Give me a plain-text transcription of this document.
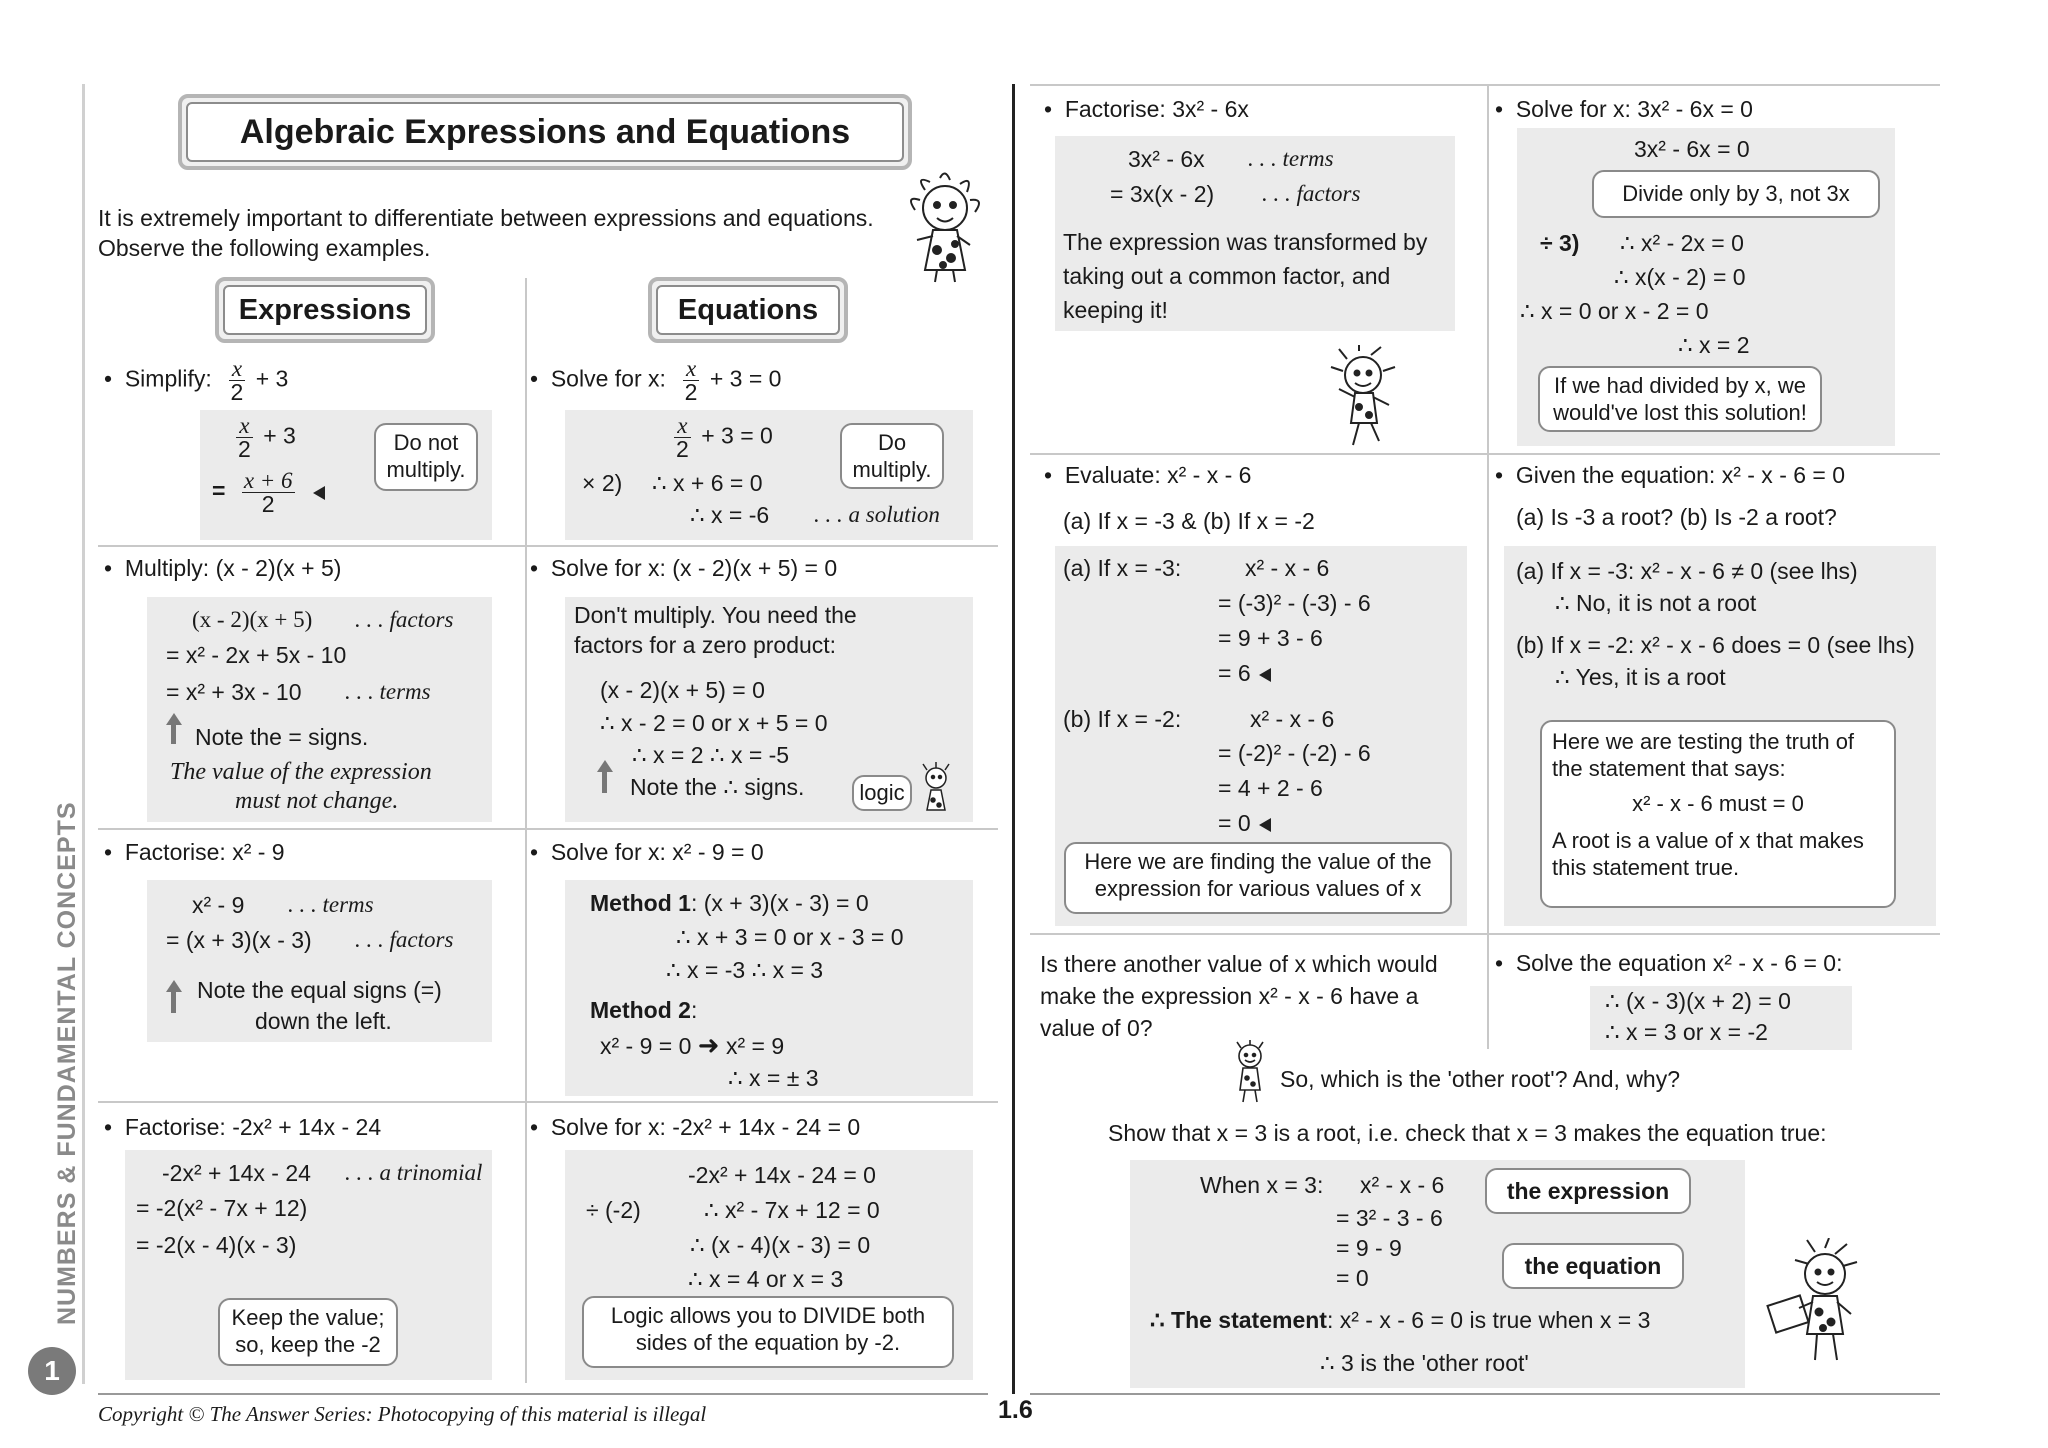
NUMBERS & FUNDAMENTAL CONCEPTS
1
Algebraic Expressions and Equations
It is extremely important to differentiate between expressions and equations.
Observe the following examples.
Expressions	Equations
•  Simplify: $\frac{x}{2} + 3$
$\frac{x}{2} + 3$
= $\frac{x + 6}{2}$

Do not multiply.
•  Solve for x: $\frac{x}{2} + 3 = 0$
$\frac{x}{2} + 3 = 0$
× 2) ∴ x + 6 = 0
∴ x = -6 . . . a solution
Do multiply.
•  Multiply: (x - 2)(x + 5)
(x - 2)(x + 5) . . . factors
= x² - 2x + 5x - 10
= x² + 3x - 10 . . . terms
Note the = signs.
The value of the expression
must not change.
•  Solve for x: (x - 2)(x + 5) = 0
Don't multiply. You need the
factors for a zero product:
(x - 2)(x + 5) = 0
∴ x - 2 = 0 or x + 5 = 0
∴ x = 2 ∴ x = -5
Note the ∴ signs.	logic
•  Factorise: x² - 9
x² - 9 . . . terms
= (x + 3)(x - 3) . . . factors
Note the equal signs (=)
down the left.
•  Solve for x: x² - 9 = 0
Method 1: (x + 3)(x - 3) = 0
∴ x + 3 = 0 or x - 3 = 0
∴ x = -3 ∴ x = 3
Method 2:
x² - 9 = 0 ➜ x² = 9
∴ x = ± 3
•  Factorise: -2x² + 14x - 24
-2x² + 14x - 24 . . . a trinomial
= -2(x² - 7x + 12)
= -2(x - 4)(x - 3)
Keep the value;
so, keep the -2
•  Solve for x: -2x² + 14x - 24 = 0
-2x² + 14x - 24 = 0
÷ (-2)	∴ x² - 7x + 12 = 0
∴ (x - 4)(x - 3) = 0
∴ x = 4 or x = 3
Logic allows you to DIVIDE both
sides of the equation by -2.
•  Factorise: 3x² - 6x
3x² - 6x . . . terms
= 3x(x - 2) . . . factors
The expression was transformed by
taking out a common factor, and
keeping it!
•  Solve for x: 3x² - 6x = 0
3x² - 6x = 0
Divide only by 3, not 3x
÷ 3) ∴ x² - 2x = 0
∴ x(x - 2) = 0
∴ x = 0 or x - 2 = 0
∴ x = 2
If we had divided by x, we
would've lost this solution!
•  Evaluate: x² - x - 6
(a) If x = -3 & (b) If x = -2
(a) If x = -3:	x² - x - 6
= (-3)² - (-3) - 6
= 9 + 3 - 6
= 6
(b) If x = -2:	x² - x - 6
= (-2)² - (-2) - 6
= 4 + 2 - 6
= 0
Here we are finding the value of the
expression for various values of x
•  Given the equation: x² - x - 6 = 0
(a) Is -3 a root? (b) Is -2 a root?
(a) If x = -3: x² - x - 6 ≠ 0 (see lhs)
∴ No, it is not a root
(b) If x = -2: x² - x - 6 does = 0 (see lhs)
∴ Yes, it is a root
Here we are testing the truth of
the statement that says:
x² - x - 6 must = 0
A root is a value of x that makes
this statement true.
Is there another value of x which would
make the expression x² - x - 6 have a
value of 0?
•  Solve the equation x² - x - 6 = 0:
∴ (x - 3)(x + 2) = 0
∴ x = 3 or x = -2
So, which is the 'other root'? And, why?
Show that x = 3 is a root, i.e. check that x = 3 makes the equation true:
When x = 3: x² - x - 6
= 3² - 3 - 6
= 9 - 9
= 0
the expression
the equation
∴ The statement: x² - x - 6 = 0 is true when x = 3
∴ 3 is the 'other root'
Copyright © The Answer Series: Photocopying of this material is illegal	1.6
